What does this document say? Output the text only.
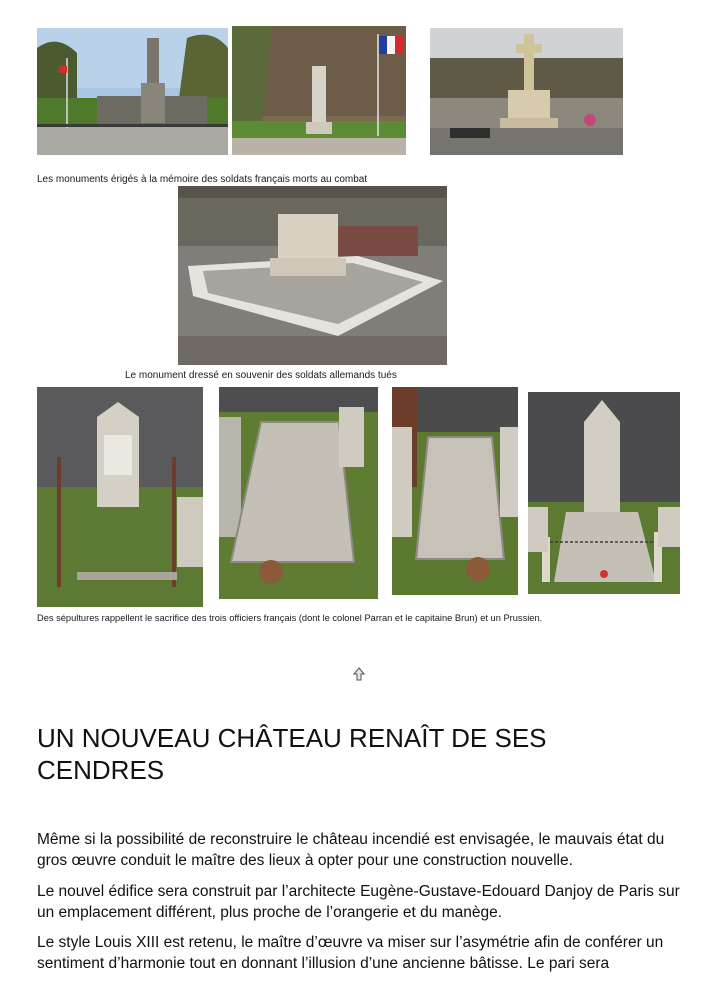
Les monuments érigés à la mémoire des soldats français morts au combat
Le monument dressé en souvenir des soldats allemands tués
Des sépultures rappellent le sacrifice des trois officiers français (dont le colonel Parran et le capitaine Brun) et un Prussien.
UN NOUVEAU CHÂTEAU RENAÎT DE SES CENDRES

Même si la possibilité de reconstruire le château incendié est envisagée, le mauvais état du gros œuvre conduit le maître des lieux à opter pour une construction nouvelle.

Le nouvel édifice sera construit par l’architecte Eugène-Gustave-Edouard Danjoy de Paris sur un emplacement différent, plus proche de l’orangerie et du manège.

Le style Louis XIII est retenu, le maître d’œuvre va miser sur l’asymétrie afin de conférer un sentiment d’harmonie tout en donnant l’illusion d’une ancienne bâtisse. Le pari sera
